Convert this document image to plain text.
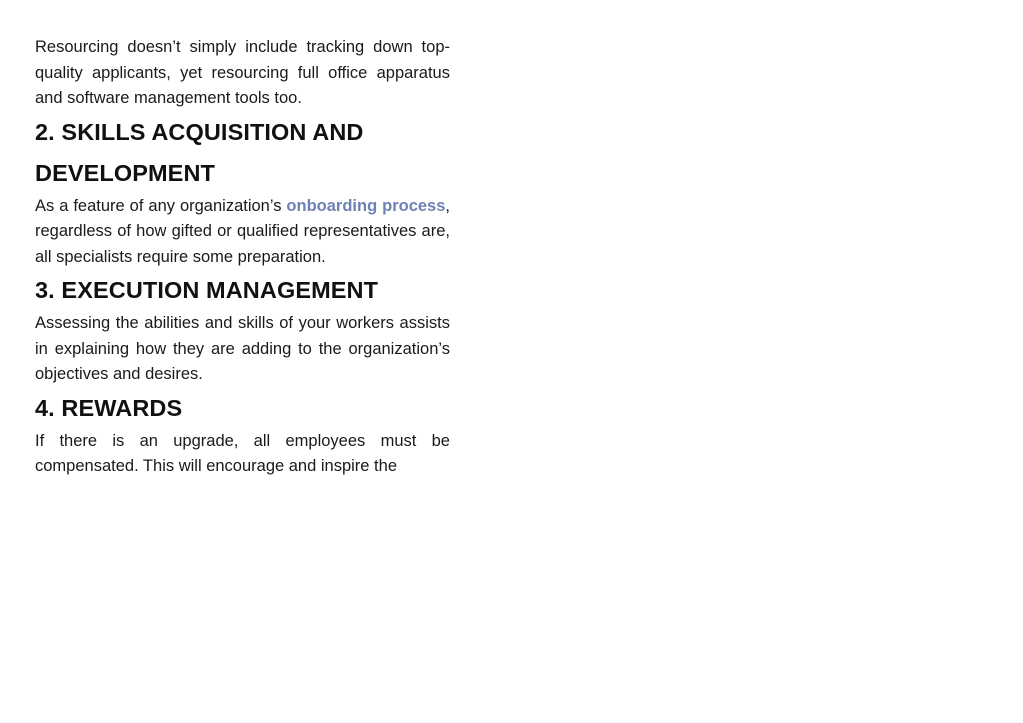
Resourcing doesn’t simply include tracking down top-quality applicants, yet resourcing full office apparatus and software management tools too.

2. SKILLS ACQUISITION AND DEVELOPMENT

As a feature of any organization’s onboarding process, regardless of how gifted or qualified representatives are, all specialists require some preparation.

3. EXECUTION MANAGEMENT

Assessing the abilities and skills of your workers assists in explaining how they are adding to the organization’s objectives and desires.

4. REWARDS

If there is an upgrade, all employees must be compensated. This will encourage and inspire the
